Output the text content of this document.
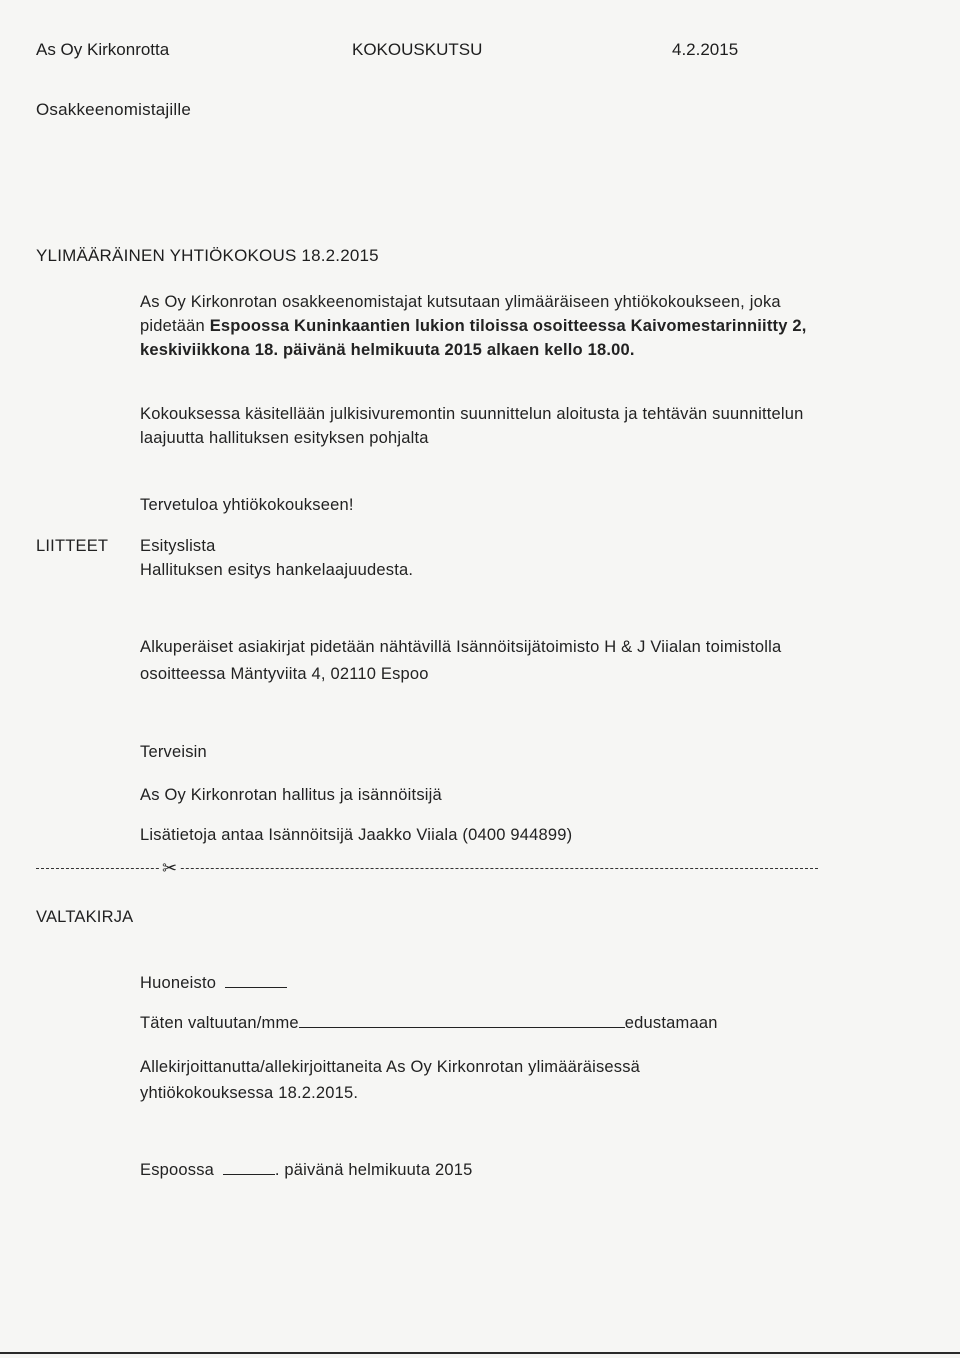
As Oy Kirkonrotta	KOKOUSKUTSU	4.2.2015
Osakkeenomistajille
YLIMÄÄRÄINEN YHTIÖKOKOUS 18.2.2015
As Oy Kirkonrotan osakkeenomistajat kutsutaan ylimääräiseen yhtiökokoukseen, joka pidetään Espoossa Kuninkaantien lukion tiloissa osoitteessa Kaivomestarinniitty 2, keskiviikkona 18. päivänä helmikuuta 2015 alkaen kello 18.00.
Kokouksessa käsitellään julkisivuremontin suunnittelun aloitusta ja tehtävän suunnittelun laajuutta hallituksen esityksen pohjalta
Tervetuloa yhtiökokoukseen!
LIITTEET Esityslista
Hallituksen esitys hankelaajuudesta.
Alkuperäiset asiakirjat pidetään nähtävillä Isännöitsijätoimisto H & J Viialan toimistolla osoitteessa Mäntyviita 4, 02110 Espoo
Terveisin
As Oy Kirkonrotan hallitus ja isännöitsijä
Lisätietoja antaa Isännöitsijä Jaakko Viiala (0400 944899)
✂
VALTAKIRJA
Huoneisto
Täten valtuutan/mme	edustamaan
Allekirjoittanutta/allekirjoittaneita As Oy Kirkonrotan ylimääräisessä yhtiökokouksessa 18.2.2015.
Espoossa	. päivänä helmikuuta 2015
